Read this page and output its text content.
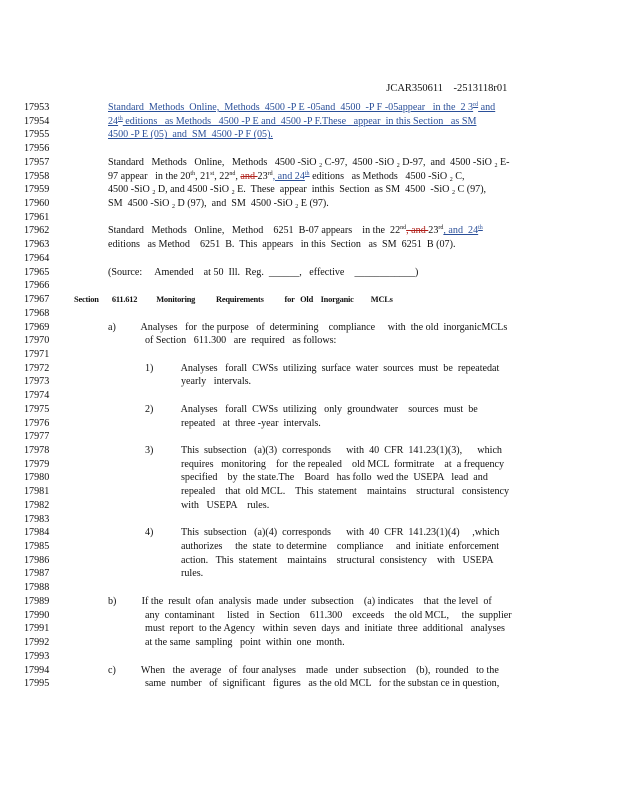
JCAR350611    -2513118r01

17953	Standard  Methods  Online,  Methods  4500 -P E -05and  4500  -P F -05appear   in the  2 3rd and
17954	24th editions   as Methods   4500 -P E and  4500 -P F.These   appear  in this Section   as SM
17955	4500 -P E (05)  and  SM  4500 -P F (05).
17956
17957	Standard   Methods   Online,   Methods   4500 -SiO $_2$ C-97,  4500 -SiO $_2$ D-97,  and  4500 -SiO $_2$ E-
17958	97 appear   in the 20th, 21st, 22nd, and 23rd, and 24th editions   as Methods   4500 -SiO $_2$ C,
17959	4500 -SiO $_2$ D, and 4500 -SiO $_2$ E.  These  appear  inthis  Section  as SM  4500  -SiO $_2$ C (97),
17960	SM  4500 -SiO $_2$ D (97),  and  SM  4500 -SiO $_2$ E (97).
17961
17962	Standard   Methods   Online,   Method    6251  B-07 appears    in the  22nd, and 23rd, and  24th
17963	editions   as Method    6251  B.  This  appears   in this  Section   as  SM  6251  B (07).
17964
17965	(Source:     Amended    at 50  Ill.  Reg.  ______,   effective    ____________)
17966
17967	Section       611.612          Monitoring           Requirements           for   Old    Inorganic         MCLs
17968
17969	a)          Analyses   for  the purpose   of  determining    compliance     with  the old  inorganicMCLs
17970	of Section   611.300   are  required   as follows:
17971
17972	1)           Analyses   forall  CWSs  utilizing  surface  water  sources  must  be  repeatedat
17973	yearly   intervals.
17974
17975	2)           Analyses   forall  CWSs  utilizing   only  groundwater    sources  must  be
17976	repeated   at  three -year  intervals.
17977
17978	3)           This  subsection   (a)(3)  corresponds      with  40  CFR  141.23(1)(3),      which
17979	requires   monitoring    for  the repealed    old MCL  formitrate    at  a frequency
17980	specified    by  the state.The    Board   has follo  wed the  USEPA   lead  and
17981	repealed    that  old MCL.    This  statement    maintains    structural   consistency
17982	with   USEPA    rules.
17983
17984	4)           This  subsection   (a)(4)  corresponds      with  40  CFR  141.23(1)(4)     ,which
17985	authorizes     the  state  to determine    compliance     and  initiate  enforcement
17986	action.   This  statement    maintains    structural  consistency    with   USEPA
17987	rules.
17988
17989	b)          If the  result  ofan  analysis  made  under  subsection    (a) indicates    that  the level  of
17990	any  contaminant     listed   in  Section    611.300    exceeds    the old MCL,     the  supplier
17991	must  report  to the Agency   within  seven  days  and  initiate  three  additional   analyses
17992	at the same  sampling   point  within  one  month.
17993
17994	c)          When   the  average   of  four analyses    made   under  subsection    (b),  rounded   to the
17995	same  number   of  significant   figures   as the old MCL   for the substan ce in question,
